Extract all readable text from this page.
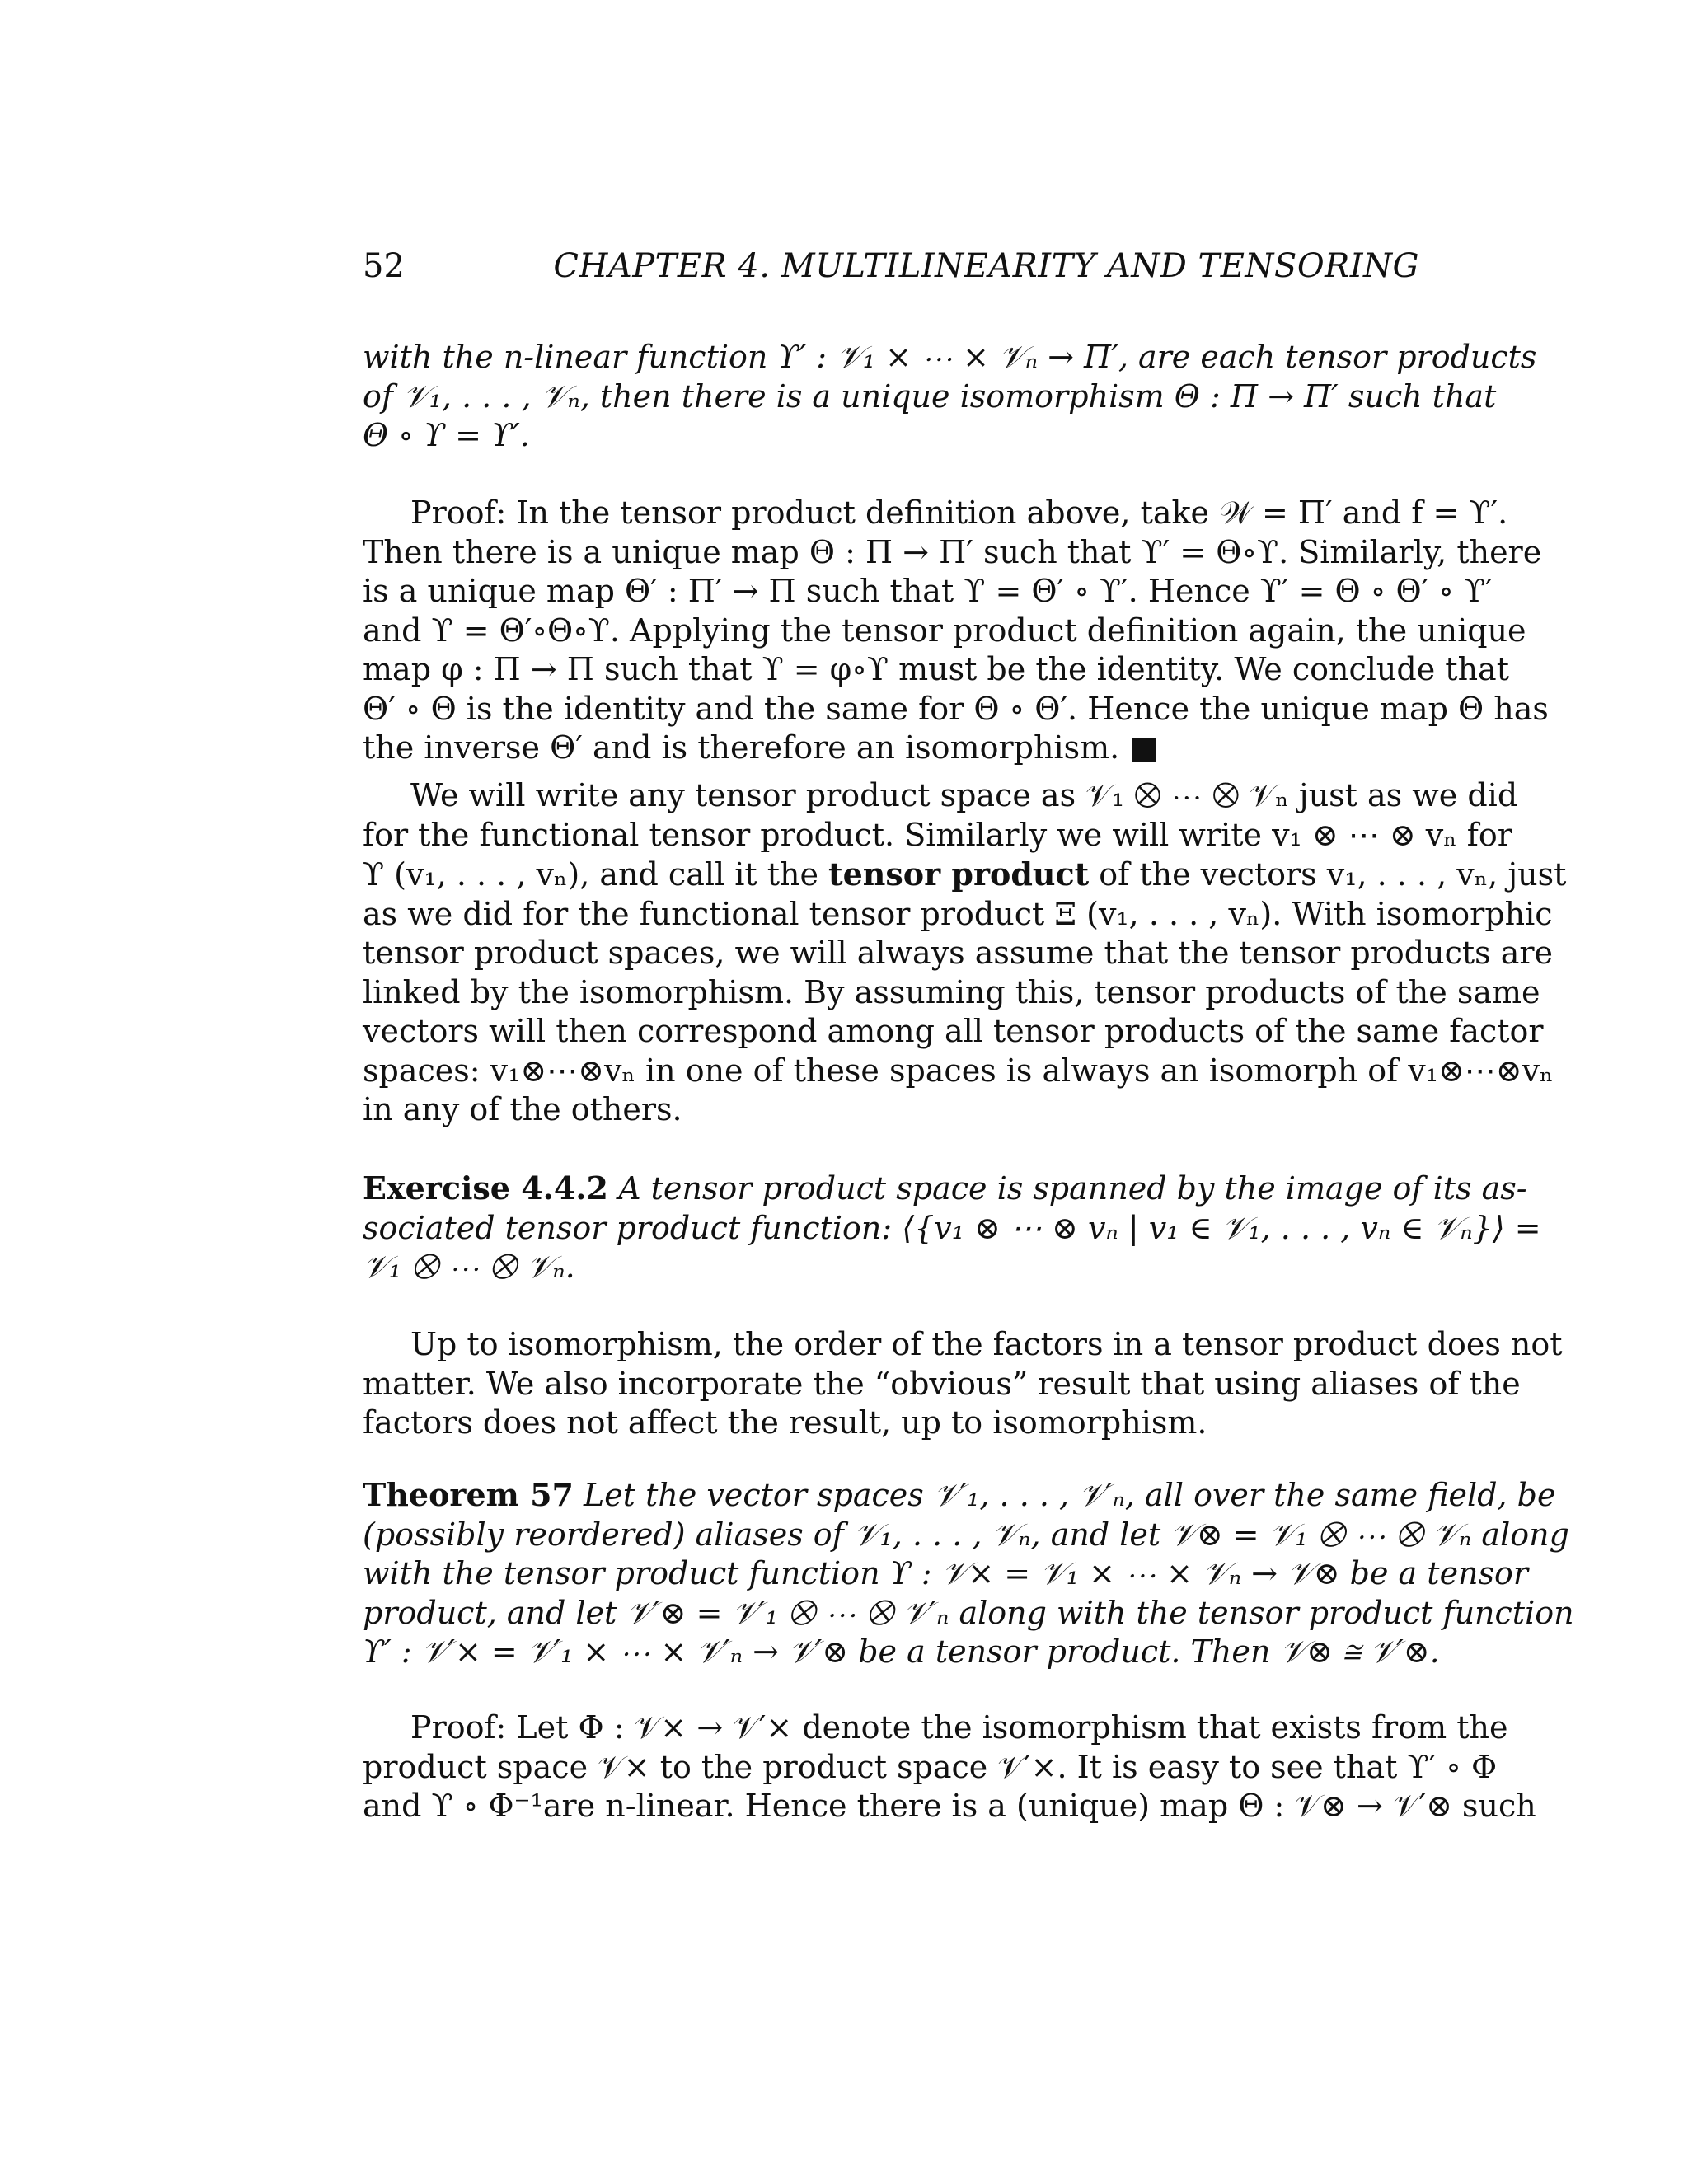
52	CHAPTER 4. MULTILINEARITY AND TENSORING
with the n-linear function ϒ′ : 𝒱₁ × ⋯ × 𝒱ₙ → Π′, are each tensor products
of 𝒱₁, . . . , 𝒱ₙ, then there is a unique isomorphism Θ : Π → Π′ such that
Θ ∘ ϒ = ϒ′.
Proof: In the tensor product definition above, take 𝒲 = Π′ and f = ϒ′.
Then there is a unique map Θ : Π → Π′ such that ϒ′ = Θ∘ϒ. Similarly, there
is a unique map Θ′ : Π′ → Π such that ϒ = Θ′ ∘ ϒ′. Hence ϒ′ = Θ ∘ Θ′ ∘ ϒ′
and ϒ = Θ′∘Θ∘ϒ. Applying the tensor product definition again, the unique
map φ : Π → Π such that ϒ = φ∘ϒ must be the identity. We conclude that
Θ′ ∘ Θ is the identity and the same for Θ ∘ Θ′. Hence the unique map Θ has
the inverse Θ′ and is therefore an isomorphism. ■
We will write any tensor product space as 𝒱₁ ⨂ ⋯ ⨂ 𝒱ₙ just as we did
for the functional tensor product. Similarly we will write v₁ ⊗ ⋯ ⊗ vₙ for
ϒ (v₁, . . . , vₙ), and call it the tensor product of the vectors v₁, . . . , vₙ, just
as we did for the functional tensor product Ξ (v₁, . . . , vₙ). With isomorphic
tensor product spaces, we will always assume that the tensor products are
linked by the isomorphism. By assuming this, tensor products of the same
vectors will then correspond among all tensor products of the same factor
spaces: v₁⊗⋯⊗vₙ in one of these spaces is always an isomorph of v₁⊗⋯⊗vₙ
in any of the others.
Exercise 4.4.2 A tensor product space is spanned by the image of its as-
sociated tensor product function: ⟨{v₁ ⊗ ⋯ ⊗ vₙ | v₁ ∈ 𝒱₁, . . . , vₙ ∈ 𝒱ₙ}⟩ =
𝒱₁ ⨂ ⋯ ⨂ 𝒱ₙ.
Up to isomorphism, the order of the factors in a tensor product does not
matter. We also incorporate the “obvious” result that using aliases of the
factors does not affect the result, up to isomorphism.
Theorem 57 Let the vector spaces 𝒱′₁, . . . , 𝒱′ₙ, all over the same field, be
(possibly reordered) aliases of 𝒱₁, . . . , 𝒱ₙ, and let 𝒱⊗ = 𝒱₁ ⨂ ⋯ ⨂ 𝒱ₙ along
with the tensor product function ϒ : 𝒱× = 𝒱₁ × ⋯ × 𝒱ₙ → 𝒱⊗ be a tensor
product, and let 𝒱′⊗ = 𝒱′₁ ⨂ ⋯ ⨂ 𝒱′ₙ along with the tensor product function
ϒ′ : 𝒱′× = 𝒱′₁ × ⋯ × 𝒱′ₙ → 𝒱′⊗ be a tensor product. Then 𝒱⊗ ≅ 𝒱′⊗.
Proof: Let Φ : 𝒱× → 𝒱′× denote the isomorphism that exists from the
product space 𝒱× to the product space 𝒱′×. It is easy to see that ϒ′ ∘ Φ
and ϒ ∘ Φ⁻¹are n-linear. Hence there is a (unique) map Θ : 𝒱⊗ → 𝒱′⊗ such
